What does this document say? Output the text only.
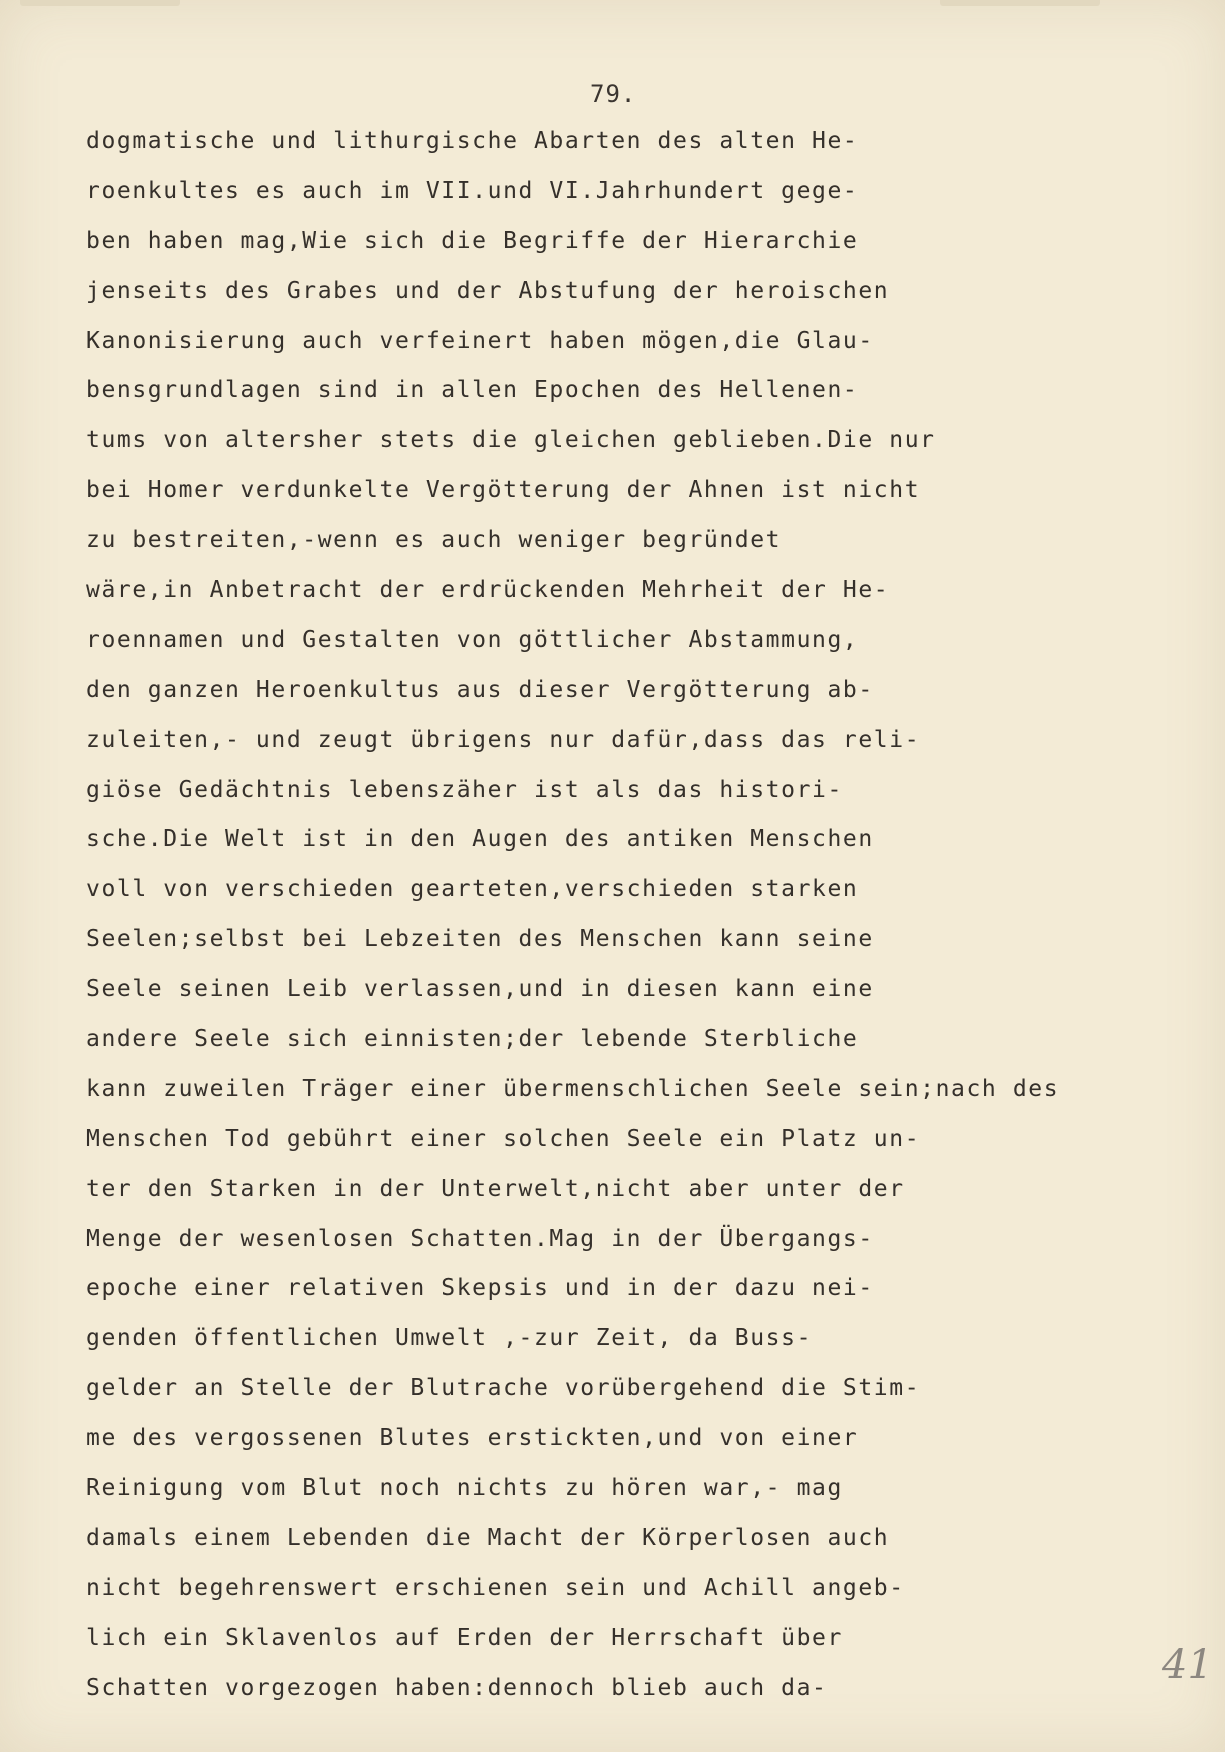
79.
dogmatische und lithurgische Abarten des alten He-
roenkultes es auch im VII.und VI.Jahrhundert gege-
ben haben mag,Wie sich die Begriffe der Hierarchie
jenseits des Grabes und der Abstufung der heroischen
Kanonisierung auch verfeinert haben mögen,die Glau-
bensgrundlagen sind in allen Epochen des Hellenen-
tums von altersher stets die gleichen geblieben.Die nur
bei Homer verdunkelte Vergötterung der Ahnen ist nicht
zu bestreiten,-wenn es auch weniger begründet
wäre,in Anbetracht der erdrückenden Mehrheit der He-
roennamen und Gestalten von göttlicher Abstammung,
den ganzen Heroenkultus aus dieser Vergötterung ab-
zuleiten,- und zeugt übrigens nur dafür,dass das reli-
giöse Gedächtnis lebenszäher ist als das histori-
sche.Die Welt ist in den Augen des antiken Menschen
voll von verschieden gearteten,verschieden starken
Seelen;selbst bei Lebzeiten des Menschen kann seine
Seele seinen Leib verlassen,und in diesen kann eine
andere Seele sich einnisten;der lebende Sterbliche
kann zuweilen Träger einer übermenschlichen Seele sein;nach des
Menschen Tod gebührt einer solchen Seele ein Platz un-
ter den Starken in der Unterwelt,nicht aber unter der
Menge der wesenlosen Schatten.Mag in der Übergangs-
epoche einer relativen Skepsis und in der dazu nei-
genden öffentlichen Umwelt ,-zur Zeit, da Buss-
gelder an Stelle der Blutrache vorübergehend die Stim-
me des vergossenen Blutes erstickten,und von einer
Reinigung vom Blut noch nichts zu hören war,- mag
damals einem Lebenden die Macht der Körperlosen auch
nicht begehrenswert erschienen sein und Achill angeb-
lich ein Sklavenlos auf Erden der Herrschaft über
Schatten vorgezogen haben:dennoch blieb auch da-	41
